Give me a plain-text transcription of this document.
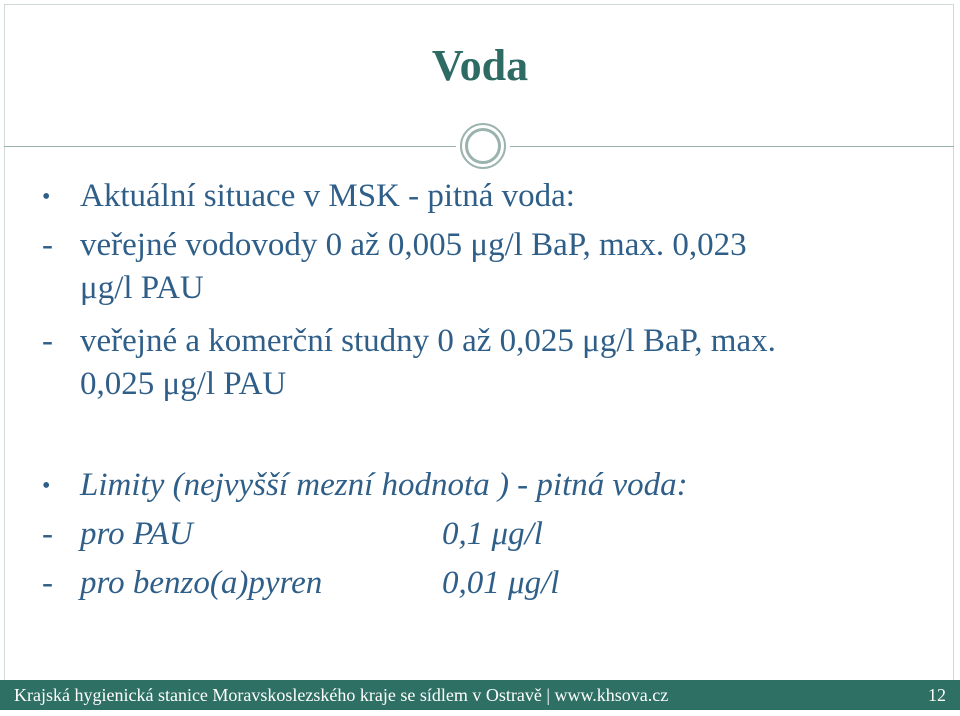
Voda
• Aktuální situace v MSK - pitná voda:
- veřejné vodovody 0 až 0,005 μg/l BaP, max. 0,023
μg/l PAU
- veřejné a komerční studny 0 až 0,025 μg/l BaP, max.
0,025 μg/l PAU
• Limity (nejvyšší mezní hodnota ) - pitná voda:
- pro PAU	0,1 μg/l
- pro benzo(a)pyren	0,01 μg/l
Krajská hygienická stanice Moravskoslezského kraje se sídlem v Ostravě | www.khsova.cz	12
